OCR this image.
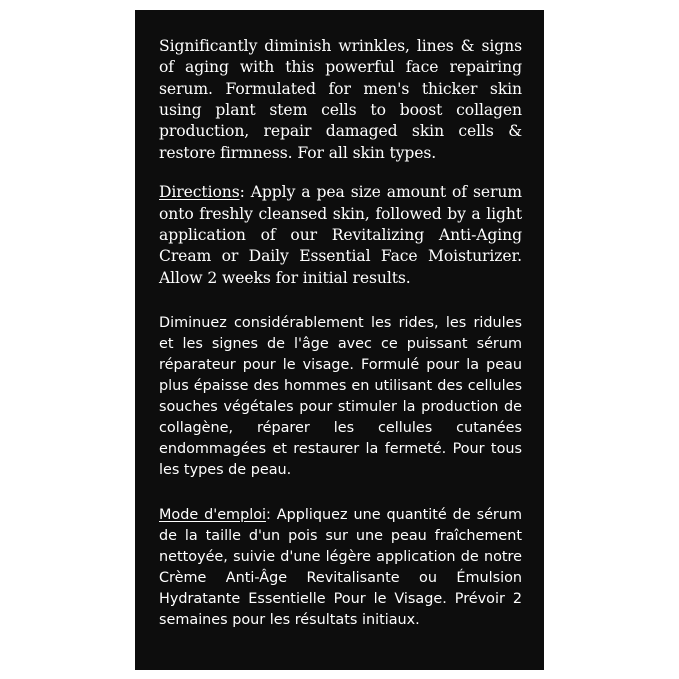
Significantly diminish wrinkles, lines & signs of aging with this powerful face repairing serum. Formulated for men's thicker skin using plant stem cells to boost collagen production, repair damaged skin cells & restore firmness. For all skin types.

Directions: Apply a pea size amount of serum onto freshly cleansed skin, followed by a light application of our Revitalizing Anti-Aging Cream or Daily Essential Face Moisturizer. Allow 2 weeks for initial results.

Diminuez considérablement les rides, les ridules et les signes de l'âge avec ce puissant sérum réparateur pour le visage. Formulé pour la peau plus épaisse des hommes en utilisant des cellules souches végétales pour stimuler la production de collagène, réparer les cellules cutanées endommagées et restaurer la fermeté. Pour tous les types de peau.

Mode d'emploi: Appliquez une quantité de sérum de la taille d'un pois sur une peau fraîchement nettoyée, suivie d'une légère application de notre Crème Anti-Âge Revitalisante ou Émulsion Hydratante Essentielle Pour le Visage. Prévoir 2 semaines pour les résultats initiaux.
